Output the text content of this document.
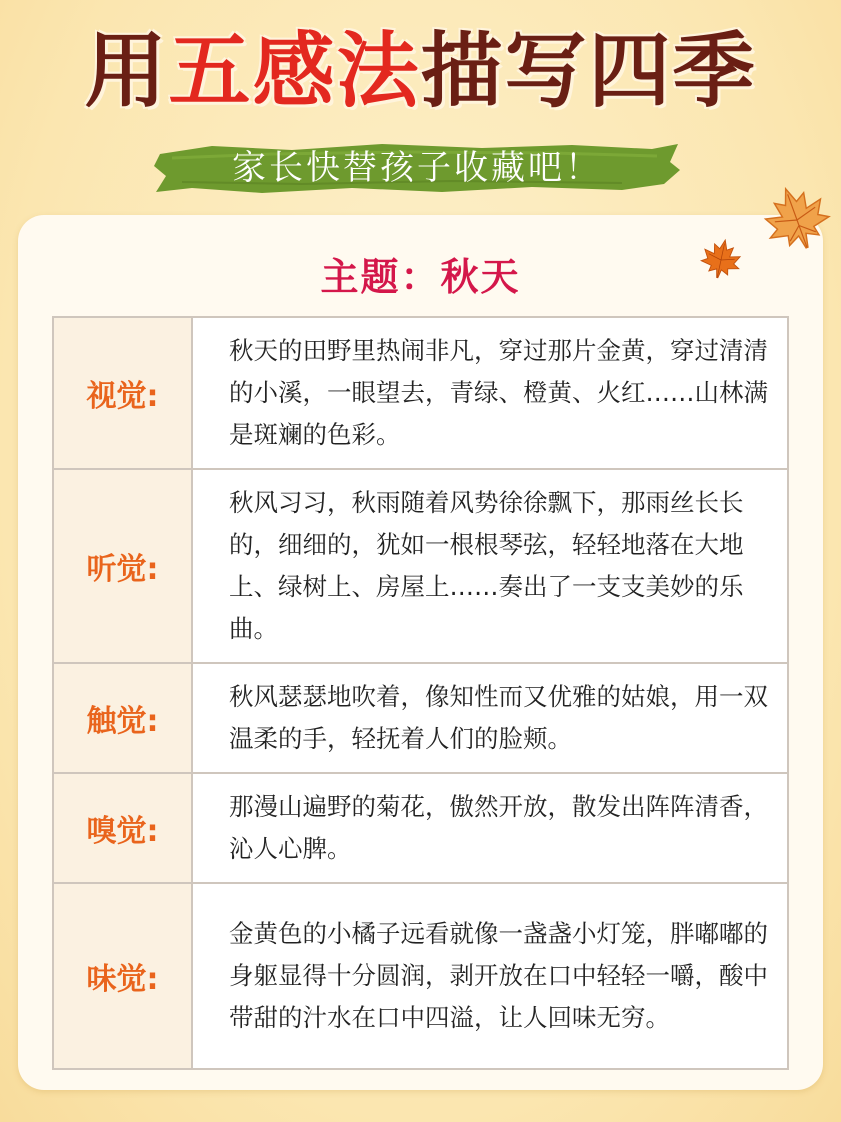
用五感法描写四季
家长快替孩子收藏吧！
主题：秋天
视觉:	秋天的田野里热闹非凡，穿过那片金黄，穿过清清的小溪，一眼望去，青绿、橙黄、火红……山林满是斑斓的色彩。
听觉:	秋风习习，秋雨随着风势徐徐飘下，那雨丝长长的，细细的，犹如一根根琴弦，轻轻地落在大地上、绿树上、房屋上……奏出了一支支美妙的乐曲。
触觉:	秋风瑟瑟地吹着，像知性而又优雅的姑娘，用一双温柔的手，轻抚着人们的脸颊。
嗅觉:	那漫山遍野的菊花，傲然开放，散发出阵阵清香，沁人心脾。
味觉:	金黄色的小橘子远看就像一盏盏小灯笼，胖嘟嘟的身躯显得十分圆润，剥开放在口中轻轻一嚼，酸中带甜的汁水在口中四溢，让人回味无穷。
